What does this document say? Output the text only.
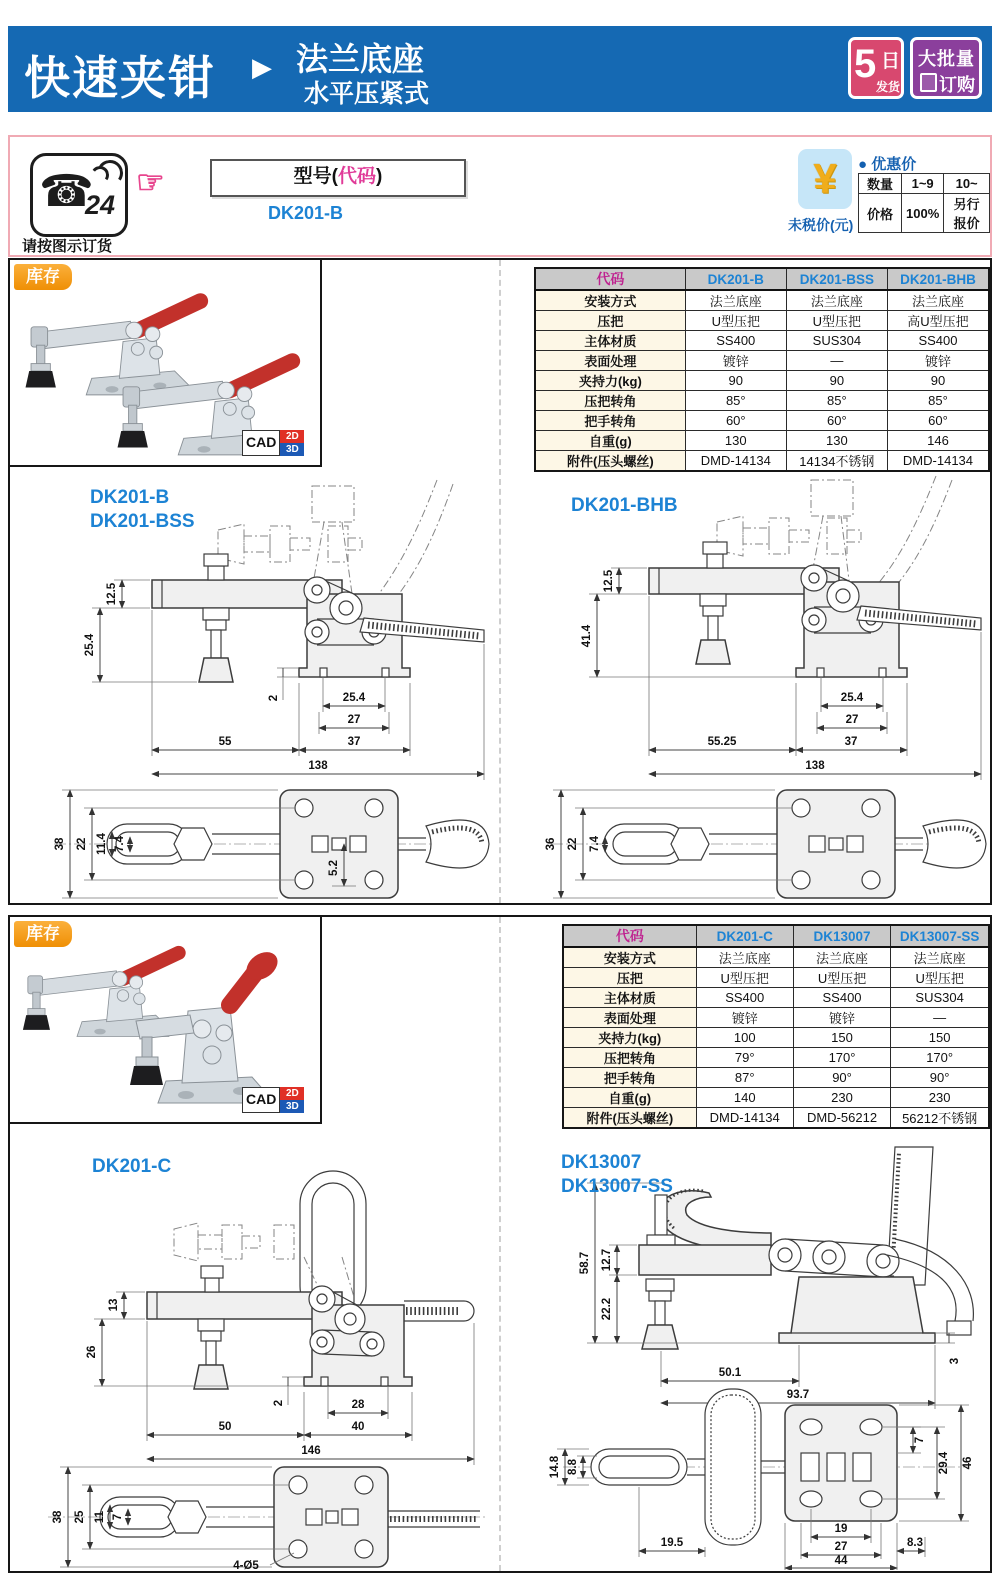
快速夹钳 ▶ 法兰底座
水平压紧式
5 日
发货
大批量
订购
☎
24
请按图示订货
☞	型号(代码)
DK201-B
¥
未税价(元)
● 优惠价
数量	1~9	10~
价格	100%	另行报价
库存
CAD 2D
3D
代码	DK201-B	DK201-BSS	DK201-BHB
安装方式	法兰底座	法兰底座	法兰底座
压把	U型压把	U型压把	高U型压把
主体材质	SS400	SUS304	SS400
表面处理	镀锌	—	镀锌
夹持力(kg)	90	90	90
压把转角	85°	85°	85°
把手转角	60°	60°	60°
自重(g)	130	130	146
附件(压头螺丝)	DMD-14134	14134不锈钢	DMD-14134
DK201-B
DK201-BSS
12.5
25.4
2	25.4
27
55	37
138
38 22 11.4 7.4
5.2
DK201-BHB
12.5
41.4
25.4
27
55.25	37
138
36 22 7.4
库存
CAD 2D
3D
代码	DK201-C	DK13007	DK13007-SS
安装方式	法兰底座	法兰底座	法兰底座
压把	U型压把	U型压把	U型压把
主体材质	SS400	SS400	SUS304
表面处理	镀锌	镀锌	—
夹持力(kg)	100	150	150
压把转角	79°	170°	170°
把手转角	87°	90°	90°
自重(g)	140	230	230
附件(压头螺丝)	DMD-14134	DMD-56212	56212不锈钢
DK201-C
13
26
2	28
50	40
146
38 25 11 7
4-Ø5
DK13007
DK13007-SS
58.7 12.7
22.2
50.1
93.7
3
14.8 8.8
19.5
19
27
44
8.3
7
29.4 46
